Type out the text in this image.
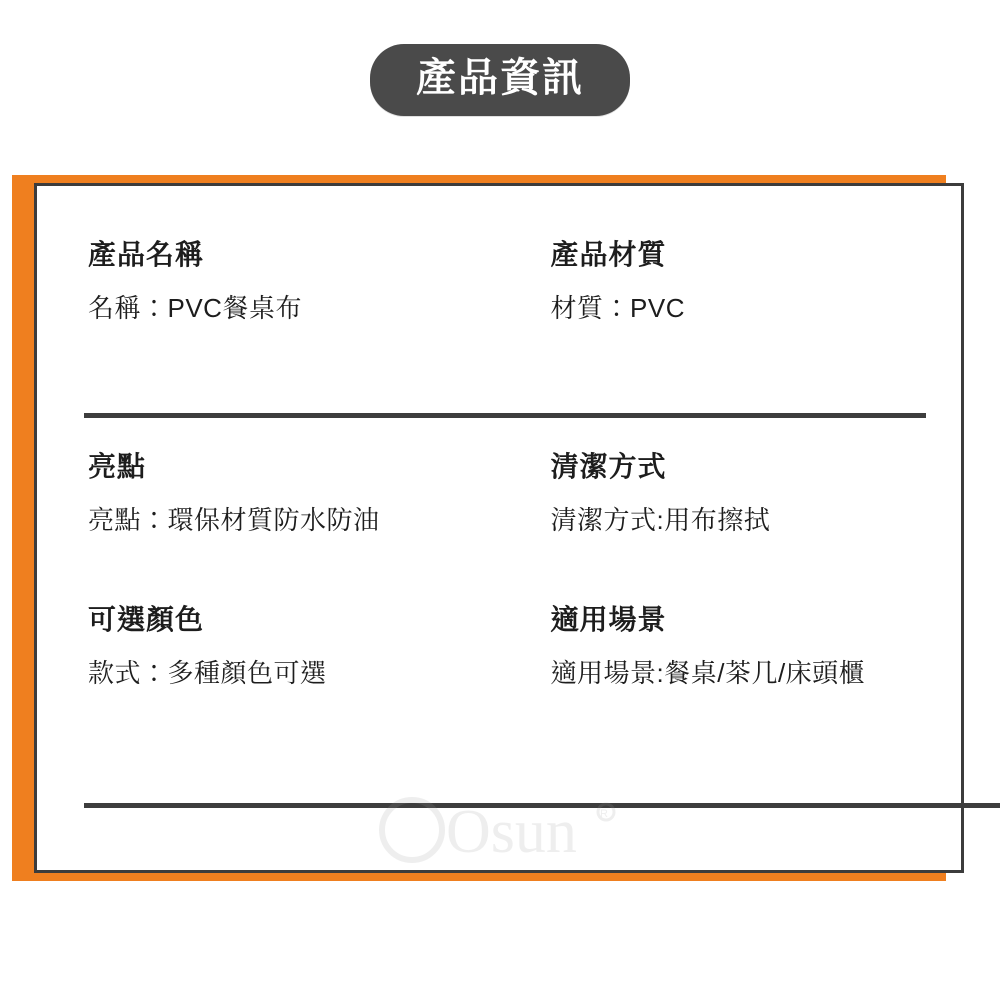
產品資訊
產品名稱
名稱：PVC餐桌布
產品材質
材質：PVC
亮點
亮點：環保材質防水防油
清潔方式
清潔方式:用布擦拭
可選顏色
款式：多種顏色可選
適用場景
適用場景:餐桌/茶几/床頭櫃
